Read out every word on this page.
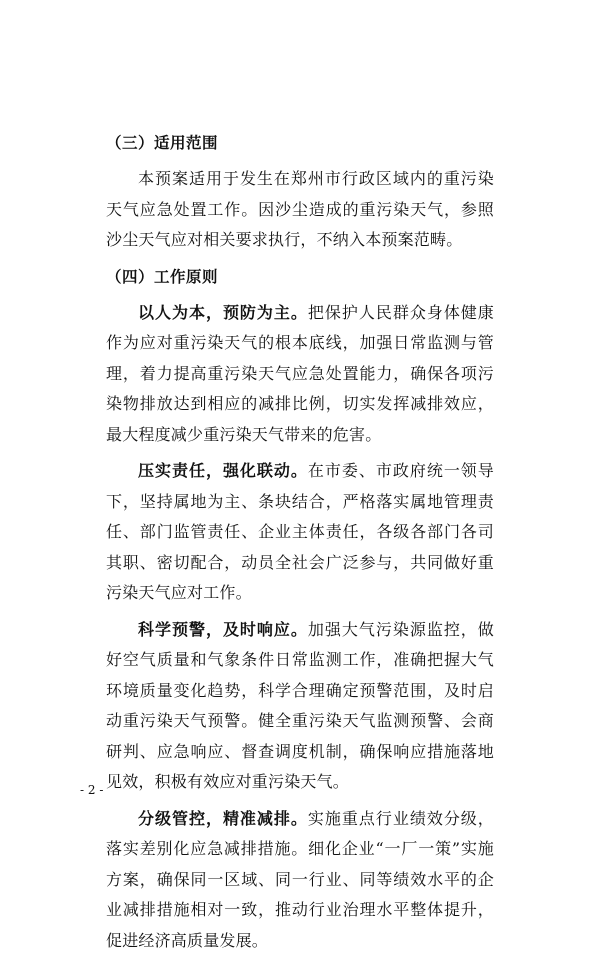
（三）适用范围

本预案适用于发生在郑州市行政区域内的重污染天气应急处置工作。因沙尘造成的重污染天气，参照沙尘天气应对相关要求执行，不纳入本预案范畴。

（四）工作原则

以人为本，预防为主。把保护人民群众身体健康作为应对重污染天气的根本底线，加强日常监测与管理，着力提高重污染天气应急处置能力，确保各项污染物排放达到相应的减排比例，切实发挥减排效应，最大程度减少重污染天气带来的危害。

压实责任，强化联动。在市委、市政府统一领导下，坚持属地为主、条块结合，严格落实属地管理责任、部门监管责任、企业主体责任，各级各部门各司其职、密切配合，动员全社会广泛参与，共同做好重污染天气应对工作。

科学预警，及时响应。加强大气污染源监控，做好空气质量和气象条件日常监测工作，准确把握大气环境质量变化趋势，科学合理确定预警范围，及时启动重污染天气预警。健全重污染天气监测预警、会商研判、应急响应、督查调度机制，确保响应措施落地见效，积极有效应对重污染天气。

分级管控，精准减排。实施重点行业绩效分级，落实差别化应急减排措施。细化企业“一厂一策”实施方案，确保同一区域、同一行业、同等绩效水平的企业减排措施相对一致，推动行业治理水平整体提升，促进经济高质量发展。

- 2 -
